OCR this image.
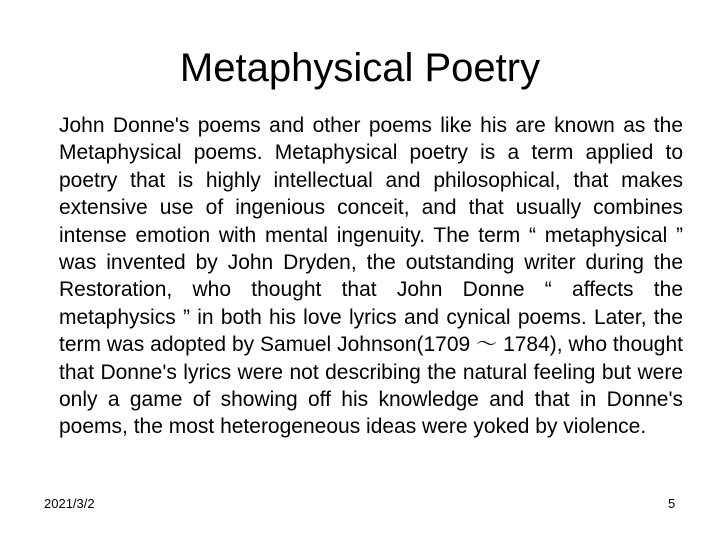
Metaphysical Poetry
John Donne's poems and other poems like his are known as the Metaphysical poems. Metaphysical poetry is a term applied to poetry that is highly intellectual and philosophical, that makes extensive use of ingenious conceit, and that usually combines intense emotion with mental ingenuity. The term “ metaphysical ” was invented by John Dryden, the outstanding writer during the Restoration, who thought that John Donne “ affects the metaphysics ” in both his love lyrics and cynical poems. Later, the term was adopted by Samuel Johnson(1709 ～ 1784), who thought that Donne's lyrics were not describing the natural feeling but were only a game of showing off his knowledge and that in Donne's poems, the most heterogeneous ideas were yoked by violence.
2021/3/2	5
